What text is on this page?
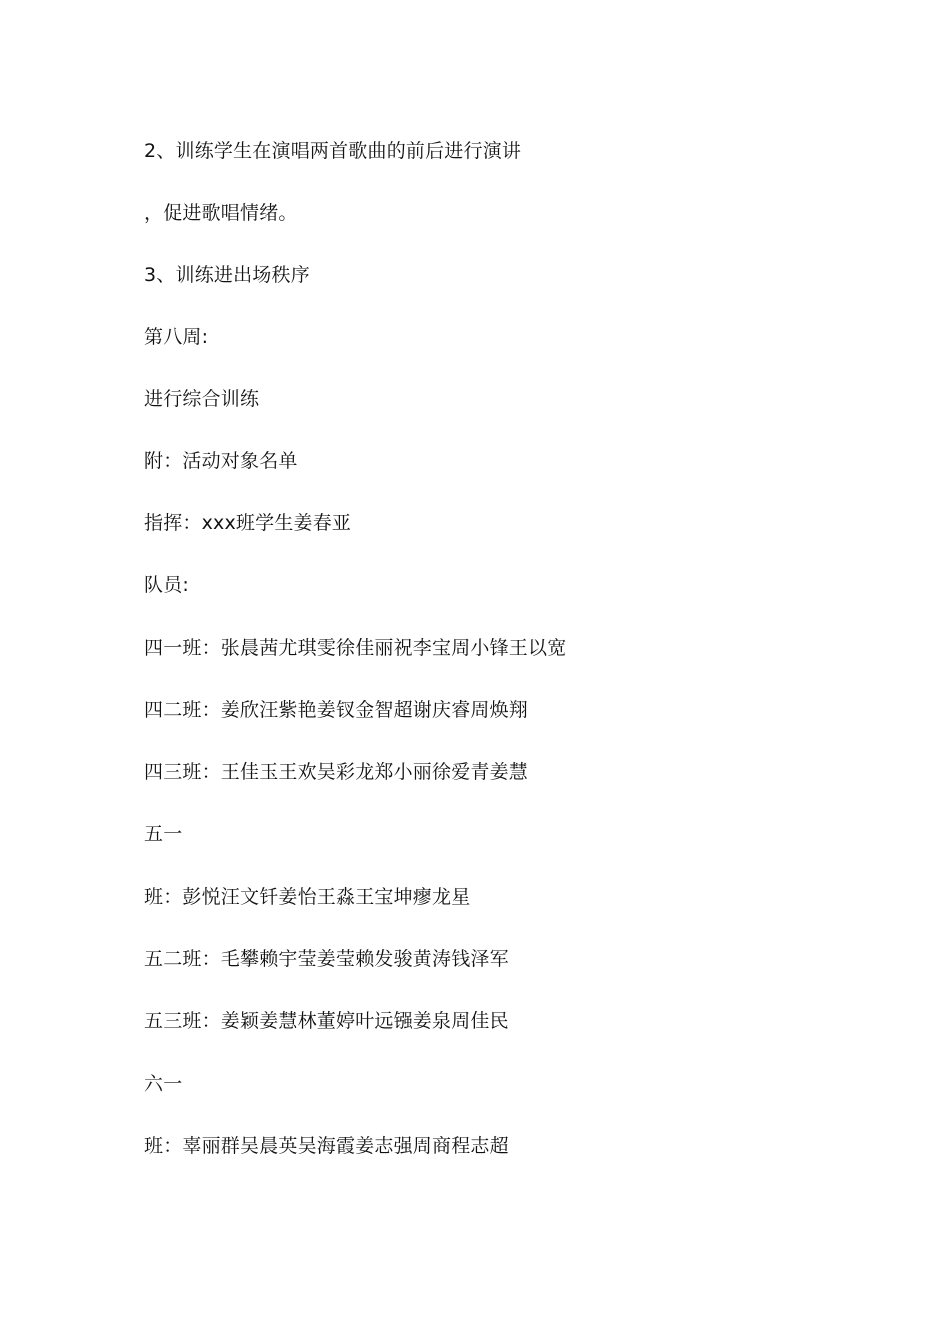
2、训练学生在演唱两首歌曲的前后进行演讲
，促进歌唱情绪。
3、训练进出场秩序
第八周:
进行综合训练
附：活动对象名单
指挥：xxx班学生姜春亚
队员:
四一班：张晨茜尤琪雯徐佳丽祝李宝周小锋王以宽
四二班：姜欣汪紫艳姜钗金智超谢庆睿周焕翔
四三班：王佳玉王欢吴彩龙郑小丽徐爱青姜慧
五一
班：彭悦汪文钎姜怡王淼王宝坤瘳龙星
五二班：毛攀赖宇莹姜莹赖发骏黄涛钱泽军
五三班：姜颖姜慧林董婷叶远镪姜泉周佳民
六一
班：辜丽群吴晨英吴海霞姜志强周商程志超
